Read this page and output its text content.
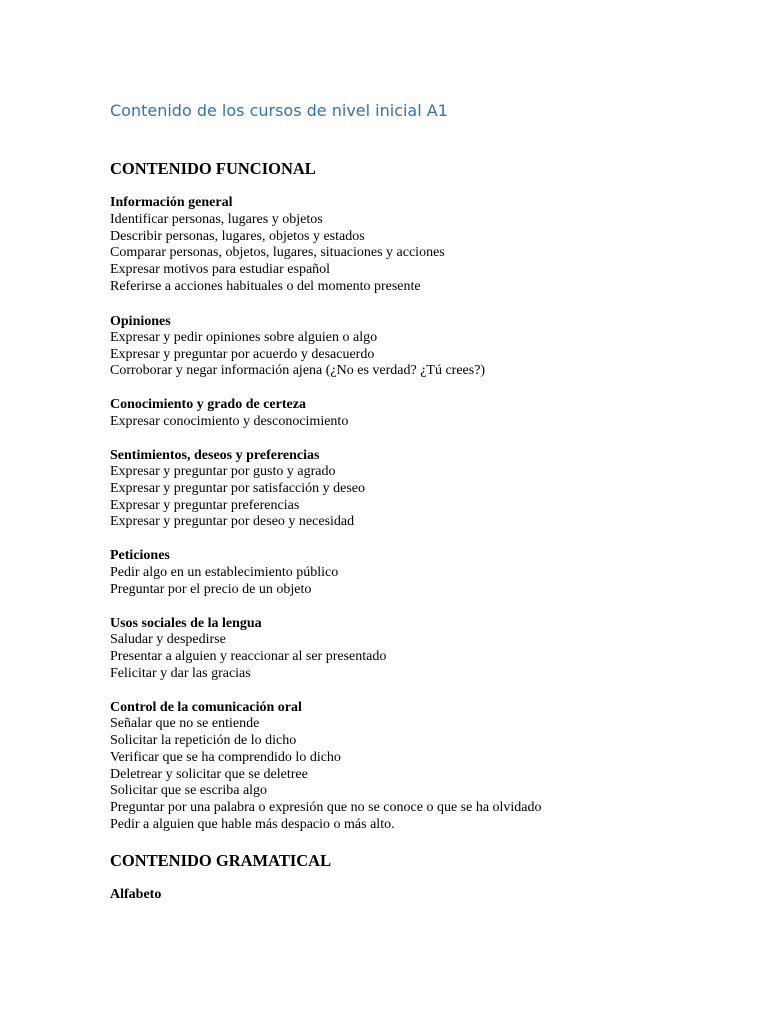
Contenido de los cursos de nivel inicial A1
CONTENIDO FUNCIONAL
Información general
Identificar personas, lugares y objetos
Describir personas, lugares, objetos y estados
Comparar personas, objetos, lugares, situaciones y acciones
Expresar motivos para estudiar español
Referirse a acciones habituales o del momento presente
Opiniones
Expresar y pedir opiniones sobre alguien o algo
Expresar y preguntar por acuerdo y desacuerdo
Corroborar y negar información ajena (¿No es verdad? ¿Tú crees?)
Conocimiento y grado de certeza
Expresar conocimiento y desconocimiento
Sentimientos, deseos y preferencias
Expresar y preguntar por gusto y agrado
Expresar y preguntar por satisfacción y deseo
Expresar y preguntar preferencias
Expresar y preguntar por deseo y necesidad
Peticiones
Pedir algo en un establecimiento público
Preguntar por el precio de un objeto
Usos sociales de la lengua
Saludar y despedirse
Presentar a alguien y reaccionar al ser presentado
Felicitar y dar las gracias
Control de la comunicación oral
Señalar que no se entiende
Solicitar la repetición de lo dicho
Verificar que se ha comprendido lo dicho
Deletrear y solicitar que se deletree
Solicitar que se escriba algo
Preguntar por una palabra o expresión que no se conoce o que se ha olvidado
Pedir a alguien que hable más despacio o más alto.
CONTENIDO GRAMATICAL
Alfabeto
